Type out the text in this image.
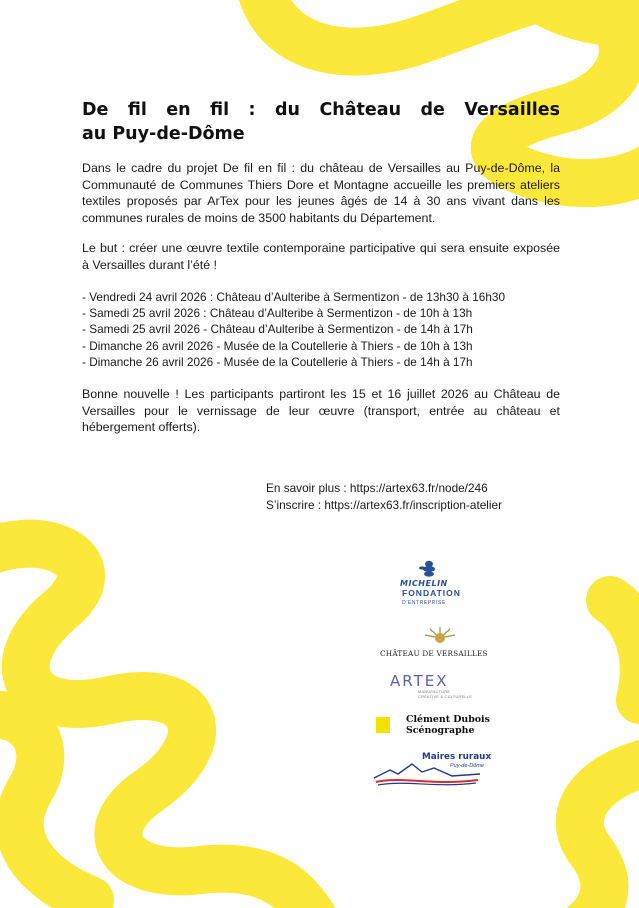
De fil en fil : du Château de Versailles
au Puy-de-Dôme

Dans le cadre du projet De fil en fil : du château de Versailles au Puy-de-Dôme, la Communauté de Communes Thiers Dore et Montagne accueille les premiers ateliers textiles proposés par ArTex pour les jeunes âgés de 14 à 30 ans vivant dans les communes rurales de moins de 3500 habitants du Département.

Le but : créer une œuvre textile contemporaine participative qui sera ensuite exposée à Versailles durant l’été !

- Vendredi 24 avril 2026 : Château d’Aulteribe à Sermentizon - de 13h30 à 16h30
- Samedi 25 avril 2026 : Château d’Aulteribe à Sermentizon - de 10h à 13h
- Samedi 25 avril 2026 - Château d’Aulteribe à Sermentizon - de 14h à 17h
- Dimanche 26 avril 2026 - Musée de la Coutellerie à Thiers - de 10h à 13h
- Dimanche 26 avril 2026 - Musée de la Coutellerie à Thiers - de 14h à 17h

Bonne nouvelle ! Les participants partiront les 15 et 16 juillet 2026 au Château de Versailles pour le vernissage de leur œuvre (transport, entrée au château et hébergement offerts).

En savoir plus : https://artex63.fr/node/246
S’inscrire : https://artex63.fr/inscription-atelier
MICHELIN
FONDATION
D’ENTREPRISE
CHÂTEAU DE VERSAILLES
ARTEX
MANUFACTURE
CRÉATIVE & CULTURELLE
Clément Dubois
Scénographe
Maires ruraux
Puy-de-Dôme
